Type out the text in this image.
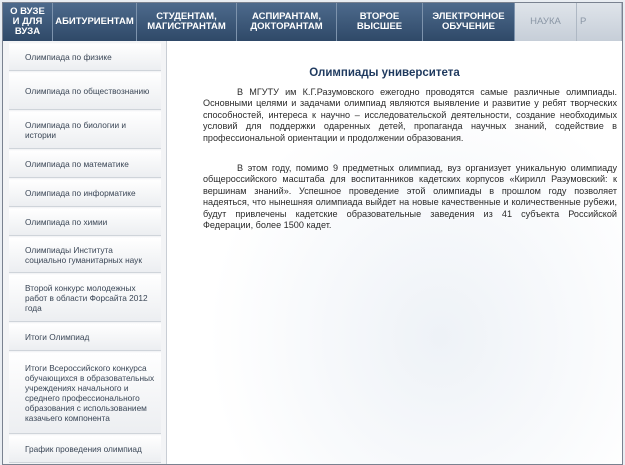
О ВУЗЕ И ДЛЯ ВУЗА
АБИТУРИЕНТАМ	СТУДЕНТАМ, МАГИСТРАНТАМ
АСПИРАНТАМ, ДОКТОРАНТАМ
ВТОРОЕ ВЫСШЕЕ
ЭЛЕКТРОННОЕ ОБУЧЕНИЕ	НАУКА	Р
Олимпиада по физике
Олимпиада по обществознанию
Олимпиада по биологии и истории
Олимпиада по математике
Олимпиада по информатике
Олимпиада по химии
Олимпиады Института социально гуманитарных наук
Второй конкурс молодежных работ в области Форсайта 2012 года
Итоги Олимпиад
Итоги Всероссийского конкурса обучающихся в образовательных учреждениях начального и среднего профессионального образования с использованием казачьего компонента
График проведения олимпиад
Олимпиады университета

В МГУТУ им К.Г.Разумовского ежегодно проводятся самые различные олимпиады. Основными целями и задачами олимпиад являются выявление и развитие у ребят творческих способностей, интереса к научно – исследовательской деятельности, создание необходимых условий для поддержки одаренных детей, пропаганда научных знаний, содействие в профессиональной ориентации и продолжении образования.

В этом году, помимо 9 предметных олимпиад, вуз организует уникальную олимпиаду общероссийского масштаба для воспитанников кадетских корпусов «Кирилл Разумовский: к вершинам знаний». Успешное проведение этой олимпиады в прошлом году позволяет надеяться, что нынешняя олимпиада выйдет на новые качественные и количественные рубежи, будут привлечены кадетские образовательные заведения из 41 субъекта Российской Федерации, более 1500 кадет.
